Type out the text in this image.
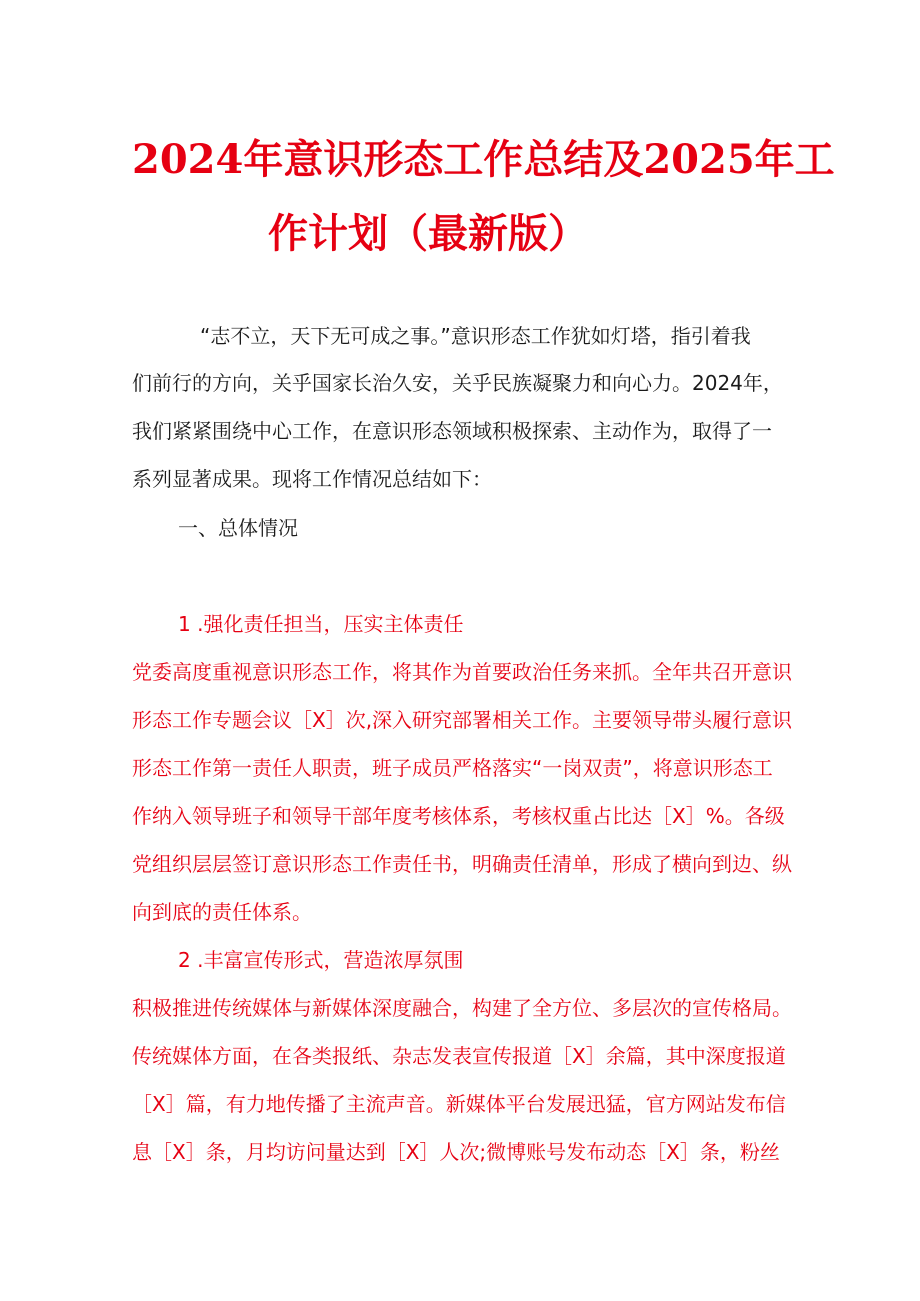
2024年意识形态工作总结及2025年工
作计划（最新版）
“志不立，天下无可成之事。”意识形态工作犹如灯塔，指引着我
们前行的方向，关乎国家长治久安，关乎民族凝聚力和向心力。2024年，
我们紧紧围绕中心工作，在意识形态领域积极探索、主动作为，取得了一
系列显著成果。现将工作情况总结如下：
一、总体情况
1 .强化责任担当，压实主体责任
党委高度重视意识形态工作，将其作为首要政治任务来抓。全年共召开意识
形态工作专题会议［X］次,深入研究部署相关工作。主要领导带头履行意识
形态工作第一责任人职责，班子成员严格落实“一岗双责”，将意识形态工
作纳入领导班子和领导干部年度考核体系，考核权重占比达［X］%。各级
党组织层层签订意识形态工作责任书，明确责任清单，形成了横向到边、纵
向到底的责任体系。
2 .丰富宣传形式，营造浓厚氛围
积极推进传统媒体与新媒体深度融合，构建了全方位、多层次的宣传格局。
传统媒体方面，在各类报纸、杂志发表宣传报道［X］余篇，其中深度报道
［X］篇，有力地传播了主流声音。新媒体平台发展迅猛，官方网站发布信
息［X］条，月均访问量达到［X］人次;微博账号发布动态［X］条，粉丝
